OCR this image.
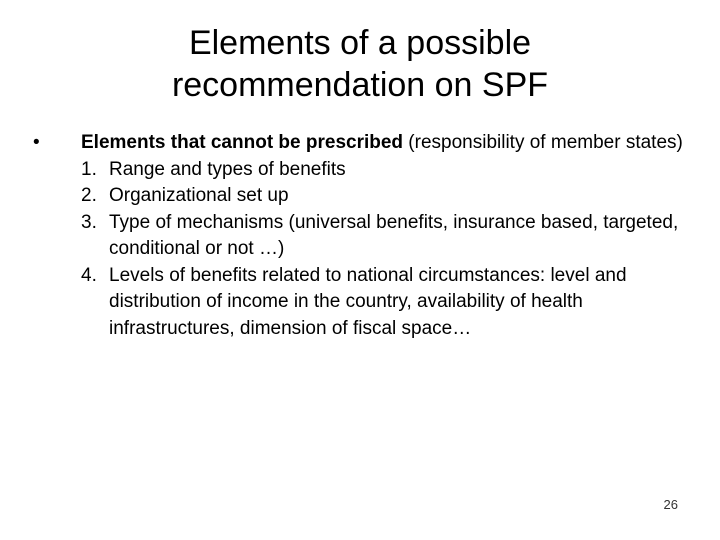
Elements of a possible
recommendation on SPF
• Elements that cannot be prescribed (responsibility of member states)
1. Range and types of benefits
2. Organizational set up
3. Type of mechanisms (universal benefits, insurance based, targeted, conditional or not …)
4. Levels of benefits related to national circumstances: level and distribution of income in the country, availability of health infrastructures, dimension of fiscal space…
26
